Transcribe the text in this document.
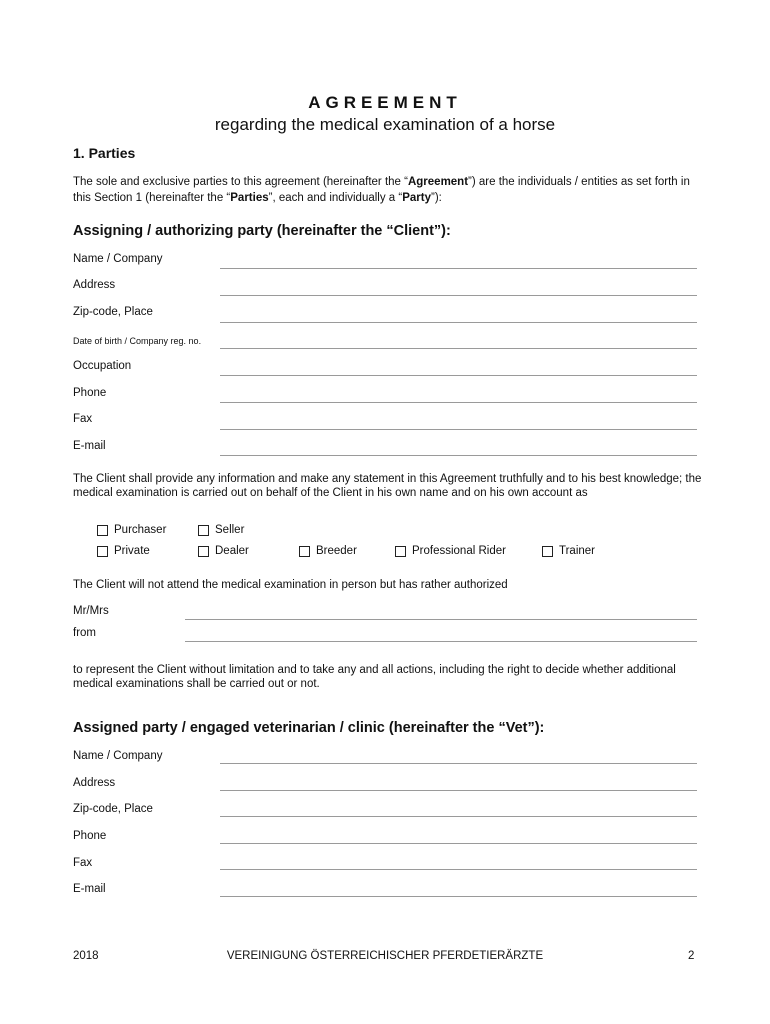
AGREEMENT
regarding the medical examination of a horse
1. Parties
The sole and exclusive parties to this agreement (hereinafter the “Agreement”) are the individuals / entities as set forth in this Section 1 (hereinafter the “Parties”, each and individually a “Party”):
Assigning / authorizing party (hereinafter the “Client”):
Name / Company
Address
Zip-code, Place
Date of birth / Company reg. no.
Occupation
Phone
Fax
E-mail
The Client shall provide any information and make any statement in this Agreement truthfully and to his best knowledge; the medical examination is carried out on behalf of the Client in his own name and on his own account as
Purchaser	Seller
Private	Dealer	Breeder	Professional Rider	Trainer
The Client will not attend the medical examination in person but has rather authorized
Mr/Mrs
from
to represent the Client without limitation and to take any and all actions, including the right to decide whether additional medical examinations shall be carried out or not.
Assigned party / engaged veterinarian / clinic (hereinafter the “Vet”):
Name / Company
Address
Zip-code, Place
Phone
Fax
E-mail
2018	VEREINIGUNG ÖSTERREICHISCHER PFERDETIERÄRZTE	2
